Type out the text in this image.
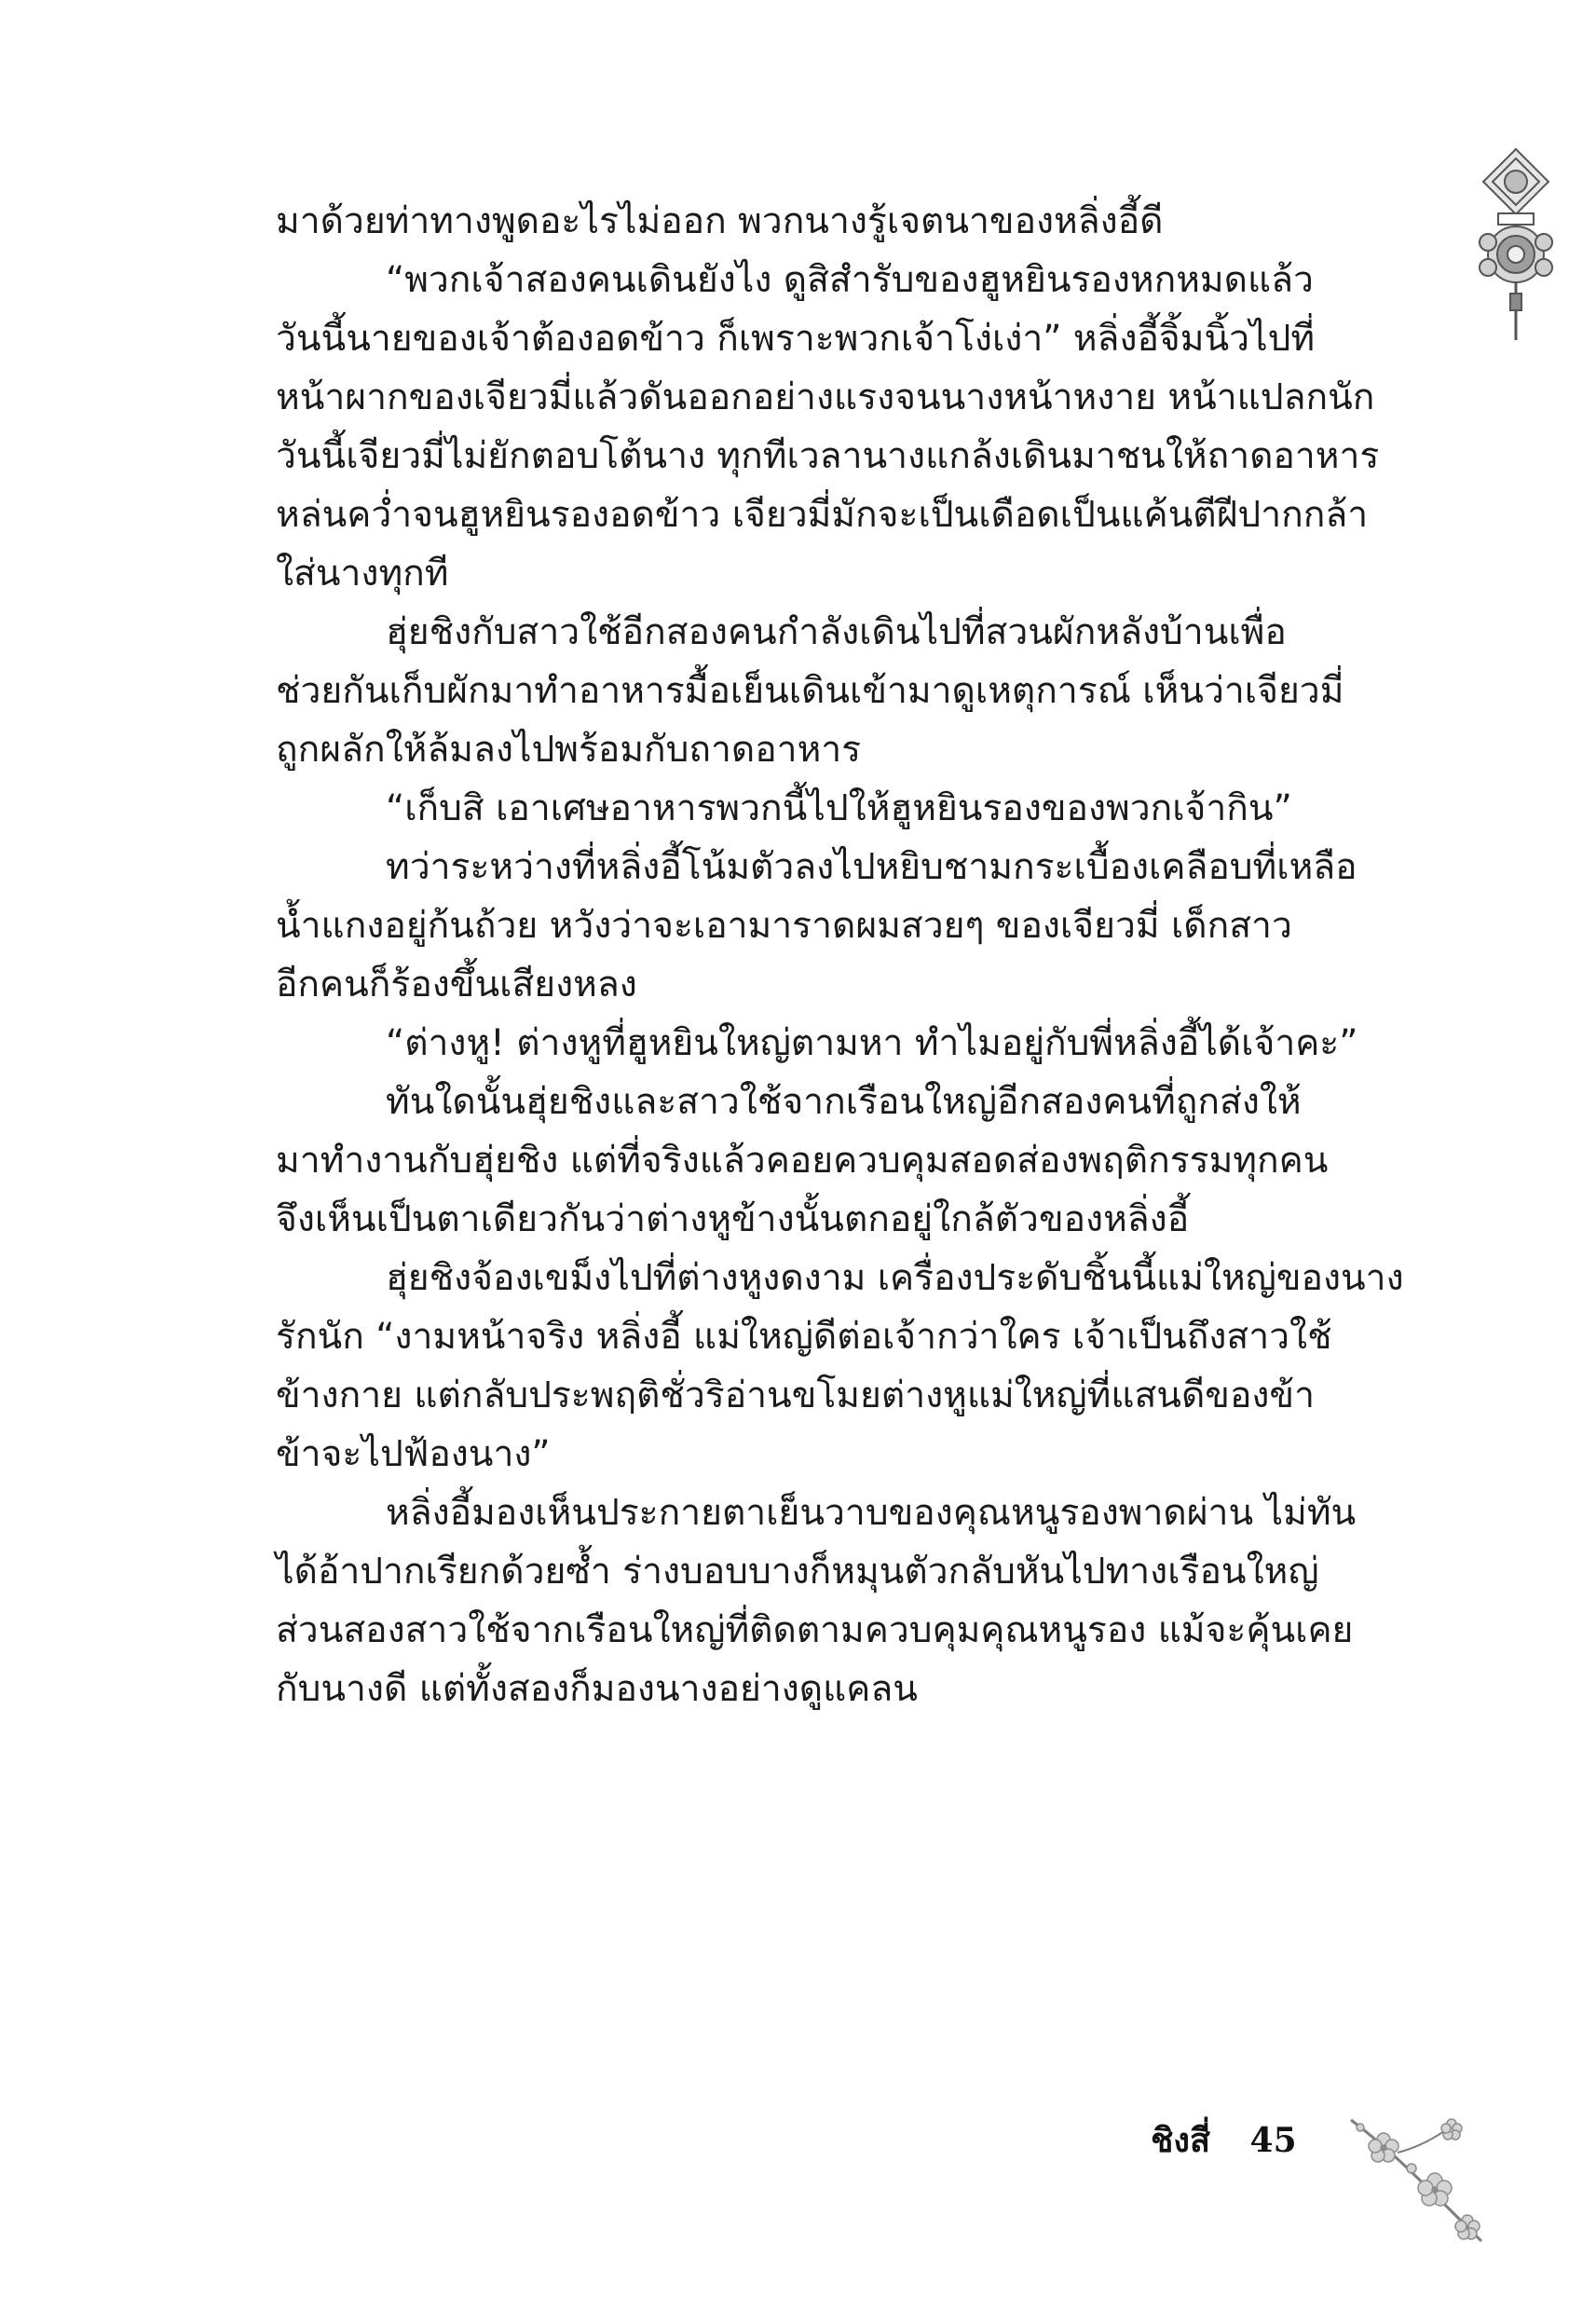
มาด้วยท่าทางพูดอะไรไม่ออก พวกนางรู้เจตนาของหลิ่งอี้ดี

“พวกเจ้าสองคนเดินยังไง ดูสิสำรับของฮูหยินรองหกหมดแล้ว
วันนี้นายของเจ้าต้องอดข้าว ก็เพราะพวกเจ้าโง่เง่า” หลิ่งอี้จิ้มนิ้วไปที่
หน้าผากของเจียวมี่แล้วดันออกอย่างแรงจนนางหน้าหงาย หน้าแปลกนัก
วันนี้เจียวมี่ไม่ยักตอบโต้นาง ทุกทีเวลานางแกล้งเดินมาชนให้ถาดอาหาร
หล่นคว่ำจนฮูหยินรองอดข้าว เจียวมี่มักจะเป็นเดือดเป็นแค้นตีฝีปากกล้า
ใส่นางทุกที

ฮุ่ยชิงกับสาวใช้อีกสองคนกำลังเดินไปที่สวนผักหลังบ้านเพื่อ
ช่วยกันเก็บผักมาทำอาหารมื้อเย็นเดินเข้ามาดูเหตุการณ์ เห็นว่าเจียวมี่
ถูกผลักให้ล้มลงไปพร้อมกับถาดอาหาร

“เก็บสิ เอาเศษอาหารพวกนี้ไปให้ฮูหยินรองของพวกเจ้ากิน”

ทว่าระหว่างที่หลิ่งอี้โน้มตัวลงไปหยิบชามกระเบื้องเคลือบที่เหลือ
น้ำแกงอยู่ก้นถ้วย หวังว่าจะเอามาราดผมสวยๆ ของเจียวมี่ เด็กสาว
อีกคนก็ร้องขึ้นเสียงหลง

“ต่างหู! ต่างหูที่ฮูหยินใหญ่ตามหา ทำไมอยู่กับพี่หลิ่งอี้ได้เจ้าคะ”

ทันใดนั้นฮุ่ยชิงและสาวใช้จากเรือนใหญ่อีกสองคนที่ถูกส่งให้
มาทำงานกับฮุ่ยชิง แต่ที่จริงแล้วคอยควบคุมสอดส่องพฤติกรรมทุกคน
จึงเห็นเป็นตาเดียวกันว่าต่างหูข้างนั้นตกอยู่ใกล้ตัวของหลิ่งอี้

ฮุ่ยชิงจ้องเขม็งไปที่ต่างหูงดงาม เครื่องประดับชิ้นนี้แม่ใหญ่ของนาง
รักนัก “งามหน้าจริง หลิ่งอี้ แม่ใหญ่ดีต่อเจ้ากว่าใคร เจ้าเป็นถึงสาวใช้
ข้างกาย แต่กลับประพฤติชั่วริอ่านขโมยต่างหูแม่ใหญ่ที่แสนดีของข้า
ข้าจะไปฟ้องนาง”

หลิ่งอี้มองเห็นประกายตาเย็นวาบของคุณหนูรองพาดผ่าน ไม่ทัน
ได้อ้าปากเรียกด้วยซ้ำ ร่างบอบบางก็หมุนตัวกลับหันไปทางเรือนใหญ่
ส่วนสองสาวใช้จากเรือนใหญ่ที่ติดตามควบคุมคุณหนูรอง แม้จะคุ้นเคย
กับนางดี แต่ทั้งสองก็มองนางอย่างดูแคลน

ชิงสี่ 45
